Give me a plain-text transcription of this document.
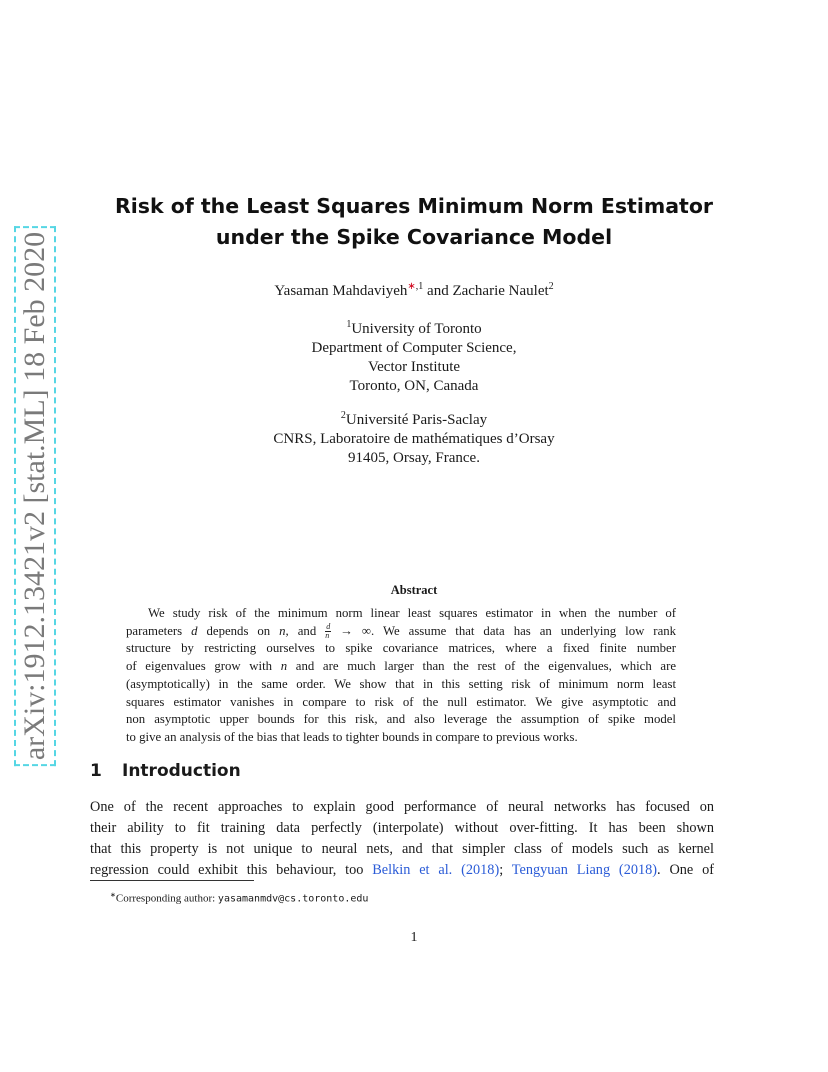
arXiv:1912.13421v2 [stat.ML] 18 Feb 2020
Risk of the Least Squares Minimum Norm Estimator
under the Spike Covariance Model
Yasaman Mahdaviyeh$^{∗,1}$ and Zacharie Naulet$^2$
$^1$University of Toronto
Department of Computer Science,
Vector Institute
Toronto, ON, Canada
$^2$Université Paris-Saclay
CNRS, Laboratoire de mathématiques d’Orsay
91405, Orsay, France.
Abstract
We study risk of the minimum norm linear least squares estimator in when the number of
parameters d depends on n, and $\frac{d}{n}$ → ∞. We assume that data has an underlying low rank
structure by restricting ourselves to spike covariance matrices, where a fixed finite number
of eigenvalues grow with n and are much larger than the rest of the eigenvalues, which are
(asymptotically) in the same order. We show that in this setting risk of minimum norm least
squares estimator vanishes in compare to risk of the null estimator. We give asymptotic and
non asymptotic upper bounds for this risk, and also leverage the assumption of spike model
to give an analysis of the bias that leads to tighter bounds in compare to previous works.
1 Introduction
One of the recent approaches to explain good performance of neural networks has focused on
their ability to fit training data perfectly (interpolate) without over-fitting. It has been shown
that this property is not unique to neural nets, and that simpler class of models such as kernel
regression could exhibit this behaviour, too Belkin et al. (2018); Tengyuan Liang (2018). One of
∗Corresponding author: yasamanmdv@cs.toronto.edu
1
